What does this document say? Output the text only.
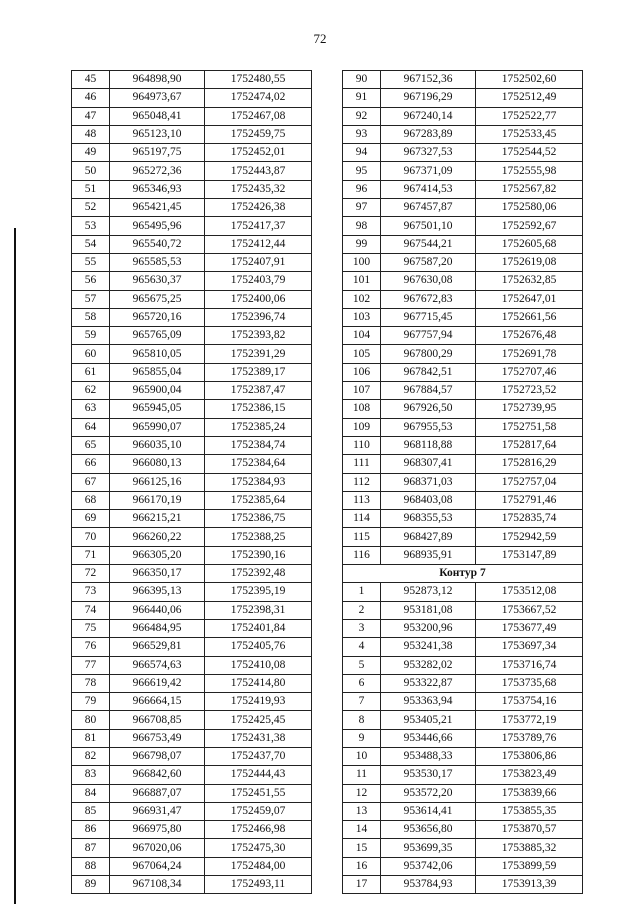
72
45	964898,90	1752480,55
46	964973,67	1752474,02
47	965048,41	1752467,08
48	965123,10	1752459,75
49	965197,75	1752452,01
50	965272,36	1752443,87
51	965346,93	1752435,32
52	965421,45	1752426,38
53	965495,96	1752417,37
54	965540,72	1752412,44
55	965585,53	1752407,91
56	965630,37	1752403,79
57	965675,25	1752400,06
58	965720,16	1752396,74
59	965765,09	1752393,82
60	965810,05	1752391,29
61	965855,04	1752389,17
62	965900,04	1752387,47
63	965945,05	1752386,15
64	965990,07	1752385,24
65	966035,10	1752384,74
66	966080,13	1752384,64
67	966125,16	1752384,93
68	966170,19	1752385,64
69	966215,21	1752386,75
70	966260,22	1752388,25
71	966305,20	1752390,16
72	966350,17	1752392,48
73	966395,13	1752395,19
74	966440,06	1752398,31
75	966484,95	1752401,84
76	966529,81	1752405,76
77	966574,63	1752410,08
78	966619,42	1752414,80
79	966664,15	1752419,93
80	966708,85	1752425,45
81	966753,49	1752431,38
82	966798,07	1752437,70
83	966842,60	1752444,43
84	966887,07	1752451,55
85	966931,47	1752459,07
86	966975,80	1752466,98
87	967020,06	1752475,30
88	967064,24	1752484,00
89	967108,34	1752493,11
90	967152,36	1752502,60
91	967196,29	1752512,49
92	967240,14	1752522,77
93	967283,89	1752533,45
94	967327,53	1752544,52
95	967371,09	1752555,98
96	967414,53	1752567,82
97	967457,87	1752580,06
98	967501,10	1752592,67
99	967544,21	1752605,68
100	967587,20	1752619,08
101	967630,08	1752632,85
102	967672,83	1752647,01
103	967715,45	1752661,56
104	967757,94	1752676,48
105	967800,29	1752691,78
106	967842,51	1752707,46
107	967884,57	1752723,52
108	967926,50	1752739,95
109	967955,53	1752751,58
110	968118,88	1752817,64
111	968307,41	1752816,29
112	968371,03	1752757,04
113	968403,08	1752791,46
114	968355,53	1752835,74
115	968427,89	1752942,59
116	968935,91	1753147,89
Контур 7		
1	952873,12	1753512,08
2	953181,08	1753667,52
3	953200,96	1753677,49
4	953241,38	1753697,34
5	953282,02	1753716,74
6	953322,87	1753735,68
7	953363,94	1753754,16
8	953405,21	1753772,19
9	953446,66	1753789,76
10	953488,33	1753806,86
11	953530,17	1753823,49
12	953572,20	1753839,66
13	953614,41	1753855,35
14	953656,80	1753870,57
15	953699,35	1753885,32
16	953742,06	1753899,59
17	953784,93	1753913,39
